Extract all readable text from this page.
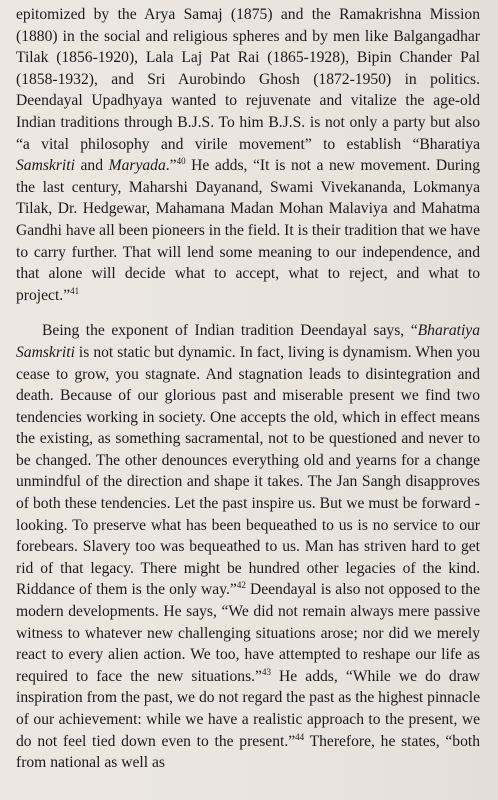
epitomized by the Arya Samaj (1875) and the Ramakrishna Mission (1880) in the social and religious spheres and by men like Balgangadhar Tilak (1856-1920), Lala Laj Pat Rai (1865-1928), Bipin Chander Pal (1858-1932), and Sri Aurobindo Ghosh (1872-1950) in politics. Deendayal Upadhyaya wanted to rejuvenate and vitalize the age-old Indian traditions through B.J.S. To him B.J.S. is not only a party but also “a vital philosophy and virile movement” to establish “Bharatiya Samskriti and Maryada.”$^{40}$ He adds, “It is not a new movement. During the last century, Maharshi Dayanand, Swami Vivekananda, Lokmanya Tilak, Dr. Hedgewar, Mahamana Madan Mohan Malaviya and Mahatma Gandhi have all been pioneers in the field. It is their tradition that we have to carry further. That will lend some meaning to our independence, and that alone will decide what to accept, what to reject, and what to project.”$^{41}$

Being the exponent of Indian tradition Deendayal says, “Bharatiya Samskriti is not static but dynamic. In fact, living is dynamism. When you cease to grow, you stagnate. And stagnation leads to disintegration and death. Because of our glorious past and miserable present we find two tendencies working in society. One accepts the old, which in effect means the existing, as something sacramental, not to be questioned and never to be changed. The other denounces everything old and yearns for a change unmindful of the direction and shape it takes. The Jan Sangh disapproves of both these tendencies. Let the past inspire us. But we must be forward - looking. To preserve what has been bequeathed to us is no service to our forebears. Slavery too was bequeathed to us. Man has striven hard to get rid of that legacy. There might be hundred other legacies of the kind. Riddance of them is the only way.”$^{42}$ Deendayal is also not opposed to the modern developments. He says, “We did not remain always mere passive witness to whatever new challenging situations arose; nor did we merely react to every alien action. We too, have attempted to reshape our life as required to face the new situations.”$^{43}$ He adds, “While we do draw inspiration from the past, we do not regard the past as the highest pinnacle of our achievement: while we have a realistic approach to the present, we do not feel tied down even to the present.”$^{44}$ Therefore, he states, “both from national as well as
